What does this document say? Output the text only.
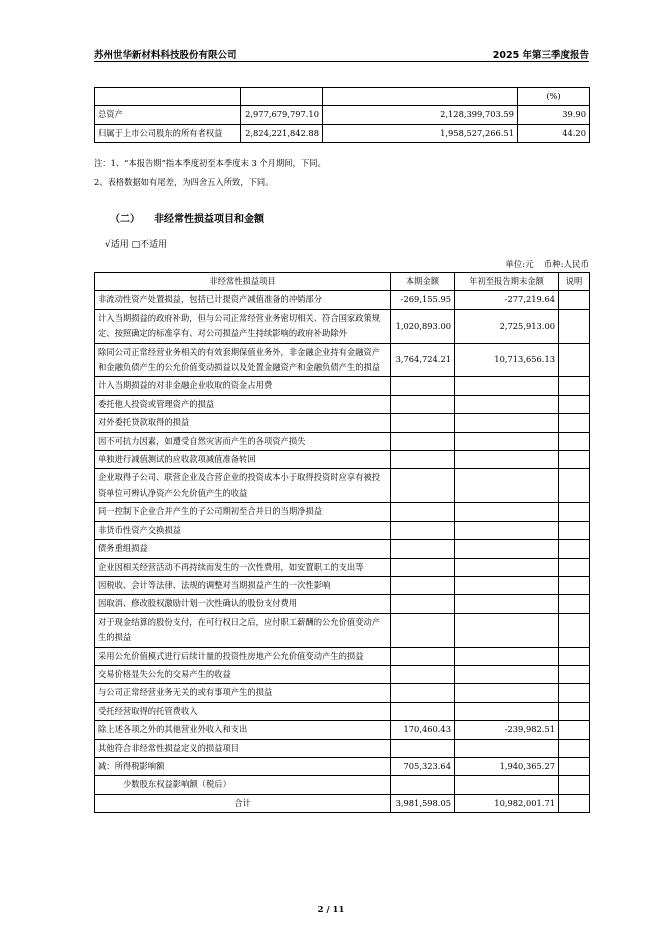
苏州世华新材料科技股份有限公司	2025 年第三季度报告
			(%)
总资产	2,977,679,797.10	2,128,399,703.59	39.90
归属于上市公司股东的所有者权益	2,824,221,842.88	1,958,527,266.51	44.20
注：1、“本报告期”指本季度初至本季度末 3 个月期间，下同。
2、表格数据如有尾差，为四舍五入所致，下同。
（二） 非经常性损益项目和金额
√适用 □不适用
单位:元 币种:人民币
非经常性损益项目	本期金额	年初至报告期末金额	说明
非流动性资产处置损益，包括已计提资产减值准备的冲销部分	-269,155.95	-277,219.64	
计入当期损益的政府补助，但与公司正常经营业务密切相关、符合国家政策规定、按照确定的标准享有、对公司损益产生持续影响的政府补助除外	1,020,893.00	2,725,913.00	
除同公司正常经营业务相关的有效套期保值业务外，非金融企业持有金融资产和金融负债产生的公允价值变动损益以及处置金融资产和金融负债产生的损益	3,764,724.21	10,713,656.13	
计入当期损益的对非金融企业收取的资金占用费			
委托他人投资或管理资产的损益			
对外委托贷款取得的损益			
因不可抗力因素，如遭受自然灾害而产生的各项资产损失			
单独进行减值测试的应收款项减值准备转回			
企业取得子公司、联营企业及合营企业的投资成本小于取得投资时应享有被投资单位可辨认净资产公允价值产生的收益			
同一控制下企业合并产生的子公司期初至合并日的当期净损益			
非货币性资产交换损益			
债务重组损益			
企业因相关经营活动不再持续而发生的一次性费用，如安置职工的支出等			
因税收、会计等法律、法规的调整对当期损益产生的一次性影响			
因取消、修改股权激励计划一次性确认的股份支付费用			
对于现金结算的股份支付，在可行权日之后，应付职工薪酬的公允价值变动产生的损益			
采用公允价值模式进行后续计量的投资性房地产公允价值变动产生的损益			
交易价格显失公允的交易产生的收益			
与公司正常经营业务无关的或有事项产生的损益			
受托经营取得的托管费收入			
除上述各项之外的其他营业外收入和支出	170,460.43	-239,982.51	
其他符合非经常性损益定义的损益项目			
减：所得税影响额	705,323.64	1,940,365.27	
少数股东权益影响额（税后）			
合计	3,981,598.05	10,982,001.71	
2 / 11
